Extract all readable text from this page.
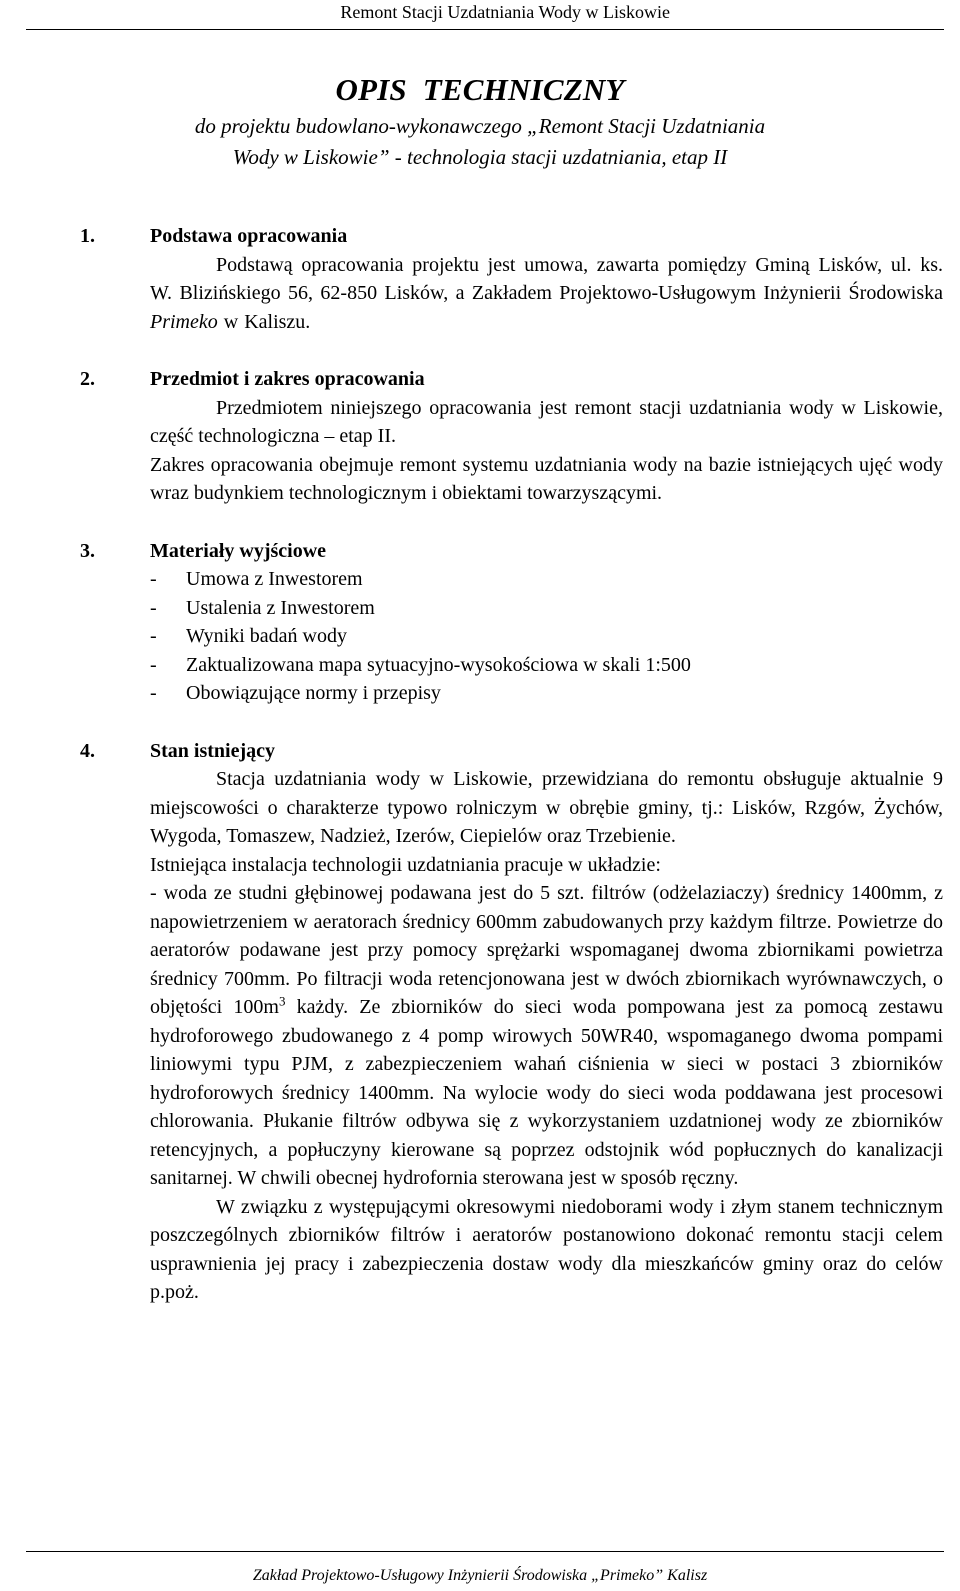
Remont Stacji Uzdatniania Wody w Liskowie
OPIS  TECHNICZNY
do projektu budowlano-wykonawczego „Remont Stacji Uzdatniania
Wody w Liskowie” - technologia stacji uzdatniania, etap II
1.	Podstawa opracowania
Podstawą opracowania projektu jest umowa, zawarta pomiędzy Gminą Lisków, ul. ks. W. Blizińskiego 56, 62-850 Lisków, a Zakładem Projektowo-Usługowym Inżynierii Środowiska Primeko w Kaliszu.
2.	Przedmiot i zakres opracowania
Przedmiotem niniejszego opracowania jest remont stacji uzdatniania wody w Liskowie, część technologiczna – etap II.
Zakres opracowania obejmuje remont systemu uzdatniania wody na bazie istniejących ujęć wody wraz budynkiem technologicznym i obiektami towarzyszącymi.
3.	Materiały wyjściowe
- Umowa z Inwestorem
- Ustalenia z Inwestorem
- Wyniki badań wody
- Zaktualizowana mapa sytuacyjno-wysokościowa w skali 1:500
- Obowiązujące normy i przepisy
4.	Stan istniejący
Stacja uzdatniania wody w Liskowie, przewidziana do remontu obsługuje aktualnie 9 miejscowości o charakterze typowo rolniczym w obrębie gminy, tj.: Lisków, Rzgów, Żychów, Wygoda, Tomaszew, Nadzież, Izerów, Ciepielów oraz Trzebienie.
Istniejąca instalacja technologii uzdatniania pracuje w układzie:
- woda ze studni głębinowej podawana jest do 5 szt. filtrów (odżelaziaczy) średnicy 1400mm, z napowietrzeniem w aeratorach średnicy 600mm zabudowanych przy każdym filtrze. Powietrze do aeratorów podawane jest przy pomocy sprężarki wspomaganej dwoma zbiornikami powietrza średnicy 700mm. Po filtracji woda retencjonowana jest w dwóch zbiornikach wyrównawczych, o objętości $100m^3$ każdy. Ze zbiorników do sieci woda pompowana jest za pomocą zestawu hydroforowego zbudowanego z 4 pomp wirowych 50WR40, wspomaganego dwoma pompami liniowymi typu PJM, z zabezpieczeniem wahań ciśnienia w sieci w postaci 3 zbiorników hydroforowych średnicy 1400mm. Na wylocie wody do sieci woda poddawana jest procesowi chlorowania. Płukanie filtrów odbywa się z wykorzystaniem uzdatnionej wody ze zbiorników retencyjnych, a popłuczyny kierowane są poprzez odstojnik wód popłucznych do kanalizacji sanitarnej. W chwili obecnej hydrofornia sterowana jest w sposób ręczny.
W związku z występującymi okresowymi niedoborami wody i złym stanem technicznym poszczególnych zbiorników filtrów i aeratorów postanowiono dokonać remontu stacji celem usprawnienia jej pracy i zabezpieczenia dostaw wody dla mieszkańców gminy oraz do celów p.poż.
Zakład Projektowo-Usługowy Inżynierii Środowiska „Primeko” Kalisz
